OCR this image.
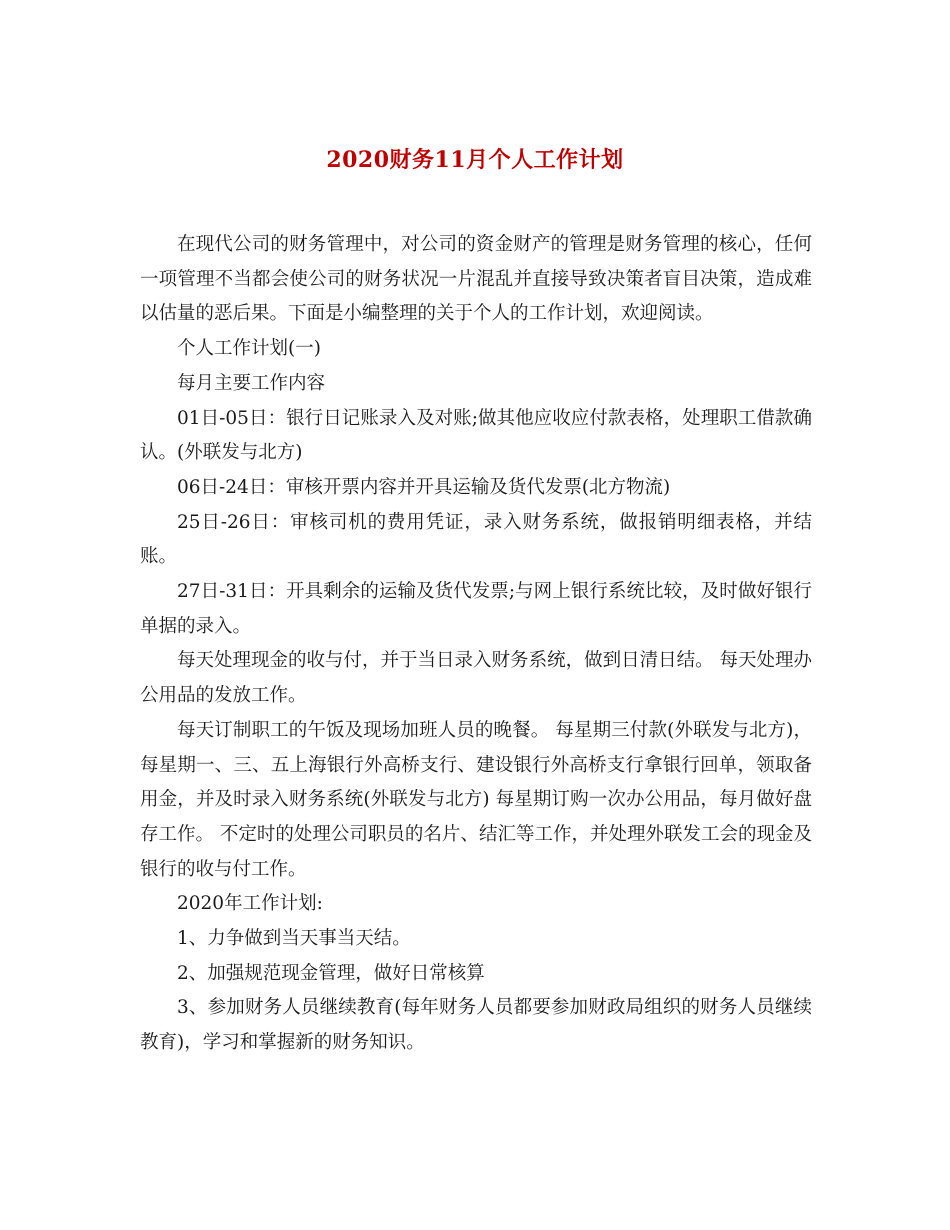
2020财务11月个人工作计划

在现代公司的财务管理中，对公司的资金财产的管理是财务管理的核心，任何一项管理不当都会使公司的财务状况一片混乱并直接导致决策者盲目决策，造成难以估量的恶后果。下面是小编整理的关于个人的工作计划，欢迎阅读。

个人工作计划(一)

每月主要工作内容

01日-05日：银行日记账录入及对账;做其他应收应付款表格，处理职工借款确认。(外联发与北方)

06日-24日：审核开票内容并开具运输及货代发票(北方物流)

25日-26日：审核司机的费用凭证，录入财务系统，做报销明细表格，并结账。

27日-31日：开具剩余的运输及货代发票;与网上银行系统比较，及时做好银行单据的录入。

每天处理现金的收与付，并于当日录入财务系统，做到日清日结。 每天处理办公用品的发放工作。

每天订制职工的午饭及现场加班人员的晚餐。 每星期三付款(外联发与北方)， 每星期一、三、五上海银行外高桥支行、建设银行外高桥支行拿银行回单，领取备用金，并及时录入财务系统(外联发与北方) 每星期订购一次办公用品，每月做好盘存工作。 不定时的处理公司职员的名片、结汇等工作，并处理外联发工会的现金及银行的收与付工作。

2020年工作计划:

1、力争做到当天事当天结。

2、加强规范现金管理，做好日常核算

3、参加财务人员继续教育(每年财务人员都要参加财政局组织的财务人员继续教育)，学习和掌握新的财务知识。
